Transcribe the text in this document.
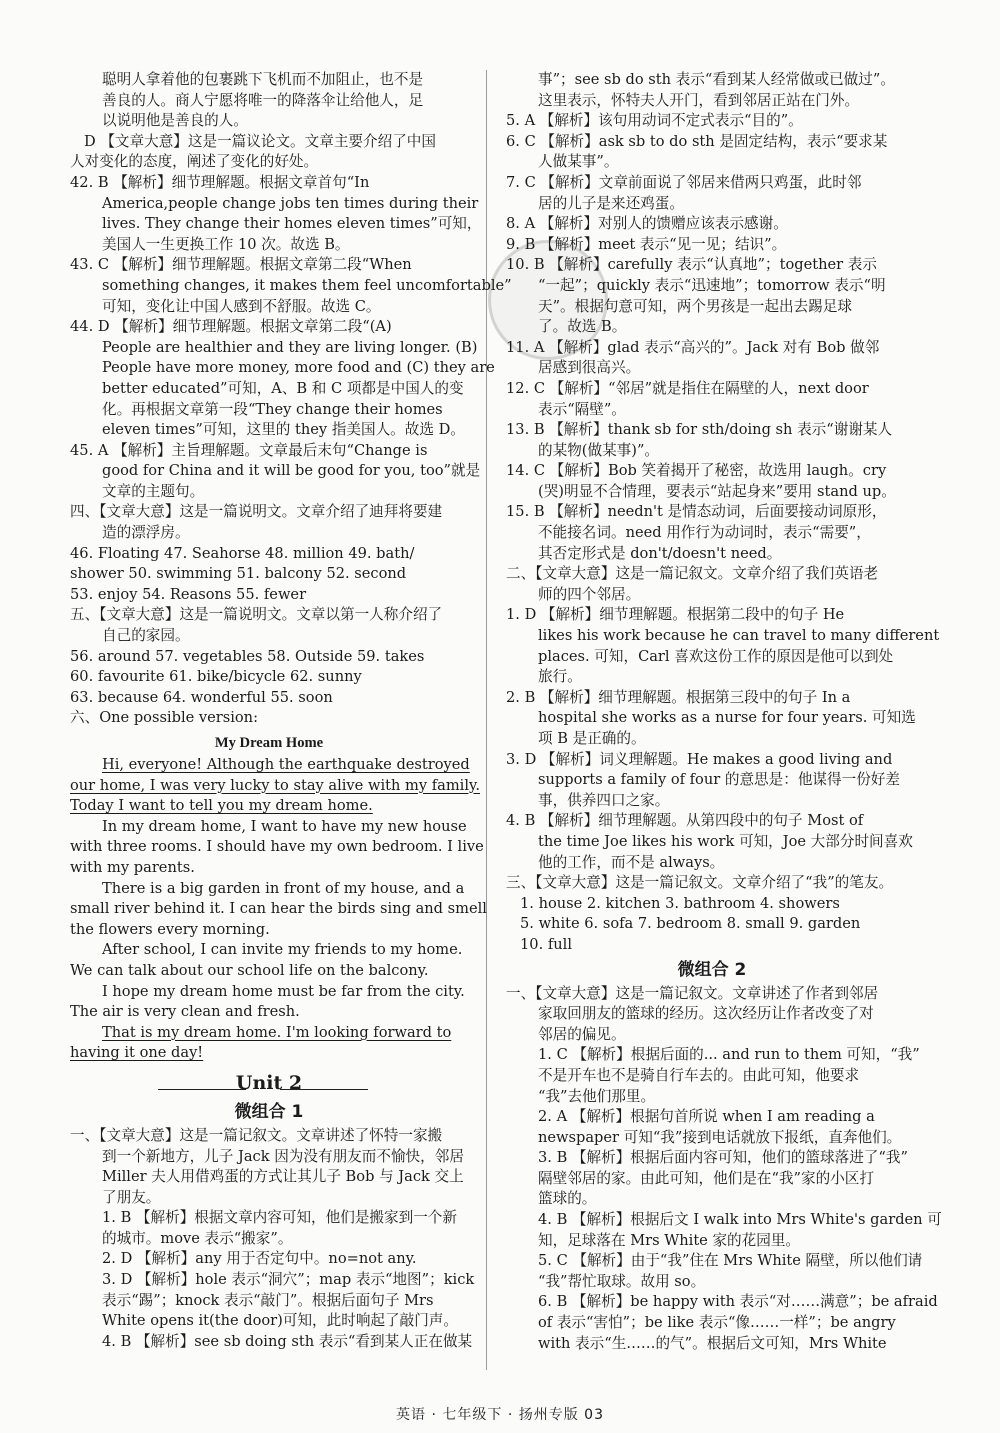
聪明人拿着他的包裹跳下飞机而不加阻止，也不是
善良的人。商人宁愿将唯一的降落伞让给他人，足
以说明他是善良的人。
D 【文章大意】这是一篇议论文。文章主要介绍了中国
人对变化的态度，阐述了变化的好处。
42. B 【解析】细节理解题。根据文章首句“In
America,people change jobs ten times during their
lives. They change their homes eleven times”可知，
美国人一生更换工作 10 次。故选 B。
43. C 【解析】细节理解题。根据文章第二段“When
something changes, it makes them feel uncomfortable”
可知，变化让中国人感到不舒服。故选 C。
44. D 【解析】细节理解题。根据文章第二段“(A)
People are healthier and they are living longer. (B)
People have more money, more food and (C) they are
better educated”可知，A、B 和 C 项都是中国人的变
化。再根据文章第一段“They change their homes
eleven times”可知，这里的 they 指美国人。故选 D。
45. A 【解析】主旨理解题。文章最后末句“Change is
good for China and it will be good for you, too”就是
文章的主题句。
四、【文章大意】这是一篇说明文。文章介绍了迪拜将要建
造的漂浮房。
46. Floating 47. Seahorse 48. million 49. bath/
shower 50. swimming 51. balcony 52. second
53. enjoy 54. Reasons 55. fewer
五、【文章大意】这是一篇说明文。文章以第一人称介绍了
自己的家园。
56. around 57. vegetables 58. Outside 59. takes
60. favourite 61. bike/bicycle 62. sunny
63. because 64. wonderful 55. soon
六、One possible version:
My Dream Home
Hi, everyone! Although the earthquake destroyed
our home, I was very lucky to stay alive with my family.
Today I want to tell you my dream home.
In my dream home, I want to have my new house
with three rooms. I should have my own bedroom. I live
with my parents.
There is a big garden in front of my house, and a
small river behind it. I can hear the birds sing and smell
the flowers every morning.
After school, I can invite my friends to my home.
We can talk about our school life on the balcony.
I hope my dream home must be far from the city.
The air is very clean and fresh.
That is my dream home. I'm looking forward to
having it one day!
Unit 2
微组合 1
一、【文章大意】这是一篇记叙文。文章讲述了怀特一家搬
到一个新地方，儿子 Jack 因为没有朋友而不愉快，邻居
Miller 夫人用借鸡蛋的方式让其儿子 Bob 与 Jack 交上
了朋友。
1. B 【解析】根据文章内容可知，他们是搬家到一个新
的城市。move 表示“搬家”。
2. D 【解析】any 用于否定句中。no=not any.
3. D 【解析】hole 表示“洞穴”；map 表示“地图”；kick
表示“踢”；knock 表示“敲门”。根据后面句子 Mrs
White opens it(the door)可知，此时响起了敲门声。
4. B 【解析】see sb doing sth 表示“看到某人正在做某
事”；see sb do sth 表示“看到某人经常做或已做过”。
这里表示，怀特夫人开门，看到邻居正站在门外。
5. A 【解析】该句用动词不定式表示“目的”。
6. C 【解析】ask sb to do sth 是固定结构，表示“要求某
人做某事”。
7. C 【解析】文章前面说了邻居来借两只鸡蛋，此时邻
居的儿子是来还鸡蛋。
8. A 【解析】对别人的馈赠应该表示感谢。
9. B 【解析】meet 表示“见一见；结识”。
10. B 【解析】carefully 表示“认真地”；together 表示
“一起”；quickly 表示“迅速地”；tomorrow 表示“明
天”。根据句意可知，两个男孩是一起出去踢足球
了。故选 B。
11. A 【解析】glad 表示“高兴的”。Jack 对有 Bob 做邻
居感到很高兴。
12. C 【解析】“邻居”就是指住在隔壁的人，next door
表示“隔壁”。
13. B 【解析】thank sb for sth/doing sh 表示“谢谢某人
的某物(做某事)”。
14. C 【解析】Bob 笑着揭开了秘密，故选用 laugh。cry
(哭)明显不合情理，要表示“站起身来”要用 stand up。
15. B 【解析】needn't 是情态动词，后面要接动词原形，
不能接名词。need 用作行为动词时，表示“需要”，
其否定形式是 don't/doesn't need。
二、【文章大意】这是一篇记叙文。文章介绍了我们英语老
师的四个邻居。
1. D 【解析】细节理解题。根据第二段中的句子 He
likes his work because he can travel to many different
places. 可知，Carl 喜欢这份工作的原因是他可以到处
旅行。
2. B 【解析】细节理解题。根据第三段中的句子 In a
hospital she works as a nurse for four years. 可知选
项 B 是正确的。
3. D 【解析】词义理解题。He makes a good living and
supports a family of four 的意思是：他谋得一份好差
事，供养四口之家。
4. B 【解析】细节理解题。从第四段中的句子 Most of
the time Joe likes his work 可知，Joe 大部分时间喜欢
他的工作，而不是 always。
三、【文章大意】这是一篇记叙文。文章介绍了“我”的笔友。
1. house 2. kitchen 3. bathroom 4. showers
5. white 6. sofa 7. bedroom 8. small 9. garden
10. full
微组合 2
一、【文章大意】这是一篇记叙文。文章讲述了作者到邻居
家取回朋友的篮球的经历。这次经历让作者改变了对
邻居的偏见。
1. C 【解析】根据后面的... and run to them 可知，“我”
不是开车也不是骑自行车去的。由此可知，他要求
“我”去他们那里。
2. A 【解析】根据句首所说 when I am reading a
newspaper 可知“我”接到电话就放下报纸，直奔他们。
3. B 【解析】根据后面内容可知，他们的篮球落进了“我”
隔壁邻居的家。由此可知，他们是在“我”家的小区打
篮球的。
4. B 【解析】根据后文 I walk into Mrs White's garden 可
知，足球落在 Mrs White 家的花园里。
5. C 【解析】由于“我”住在 Mrs White 隔壁，所以他们请
“我”帮忙取球。故用 so。
6. B 【解析】be happy with 表示“对……满意”；be afraid
of 表示“害怕”；be like 表示“像……一样”；be angry
with 表示“生……的气”。根据后文可知，Mrs White
英语 · 七年级下 · 扬州专版 03
